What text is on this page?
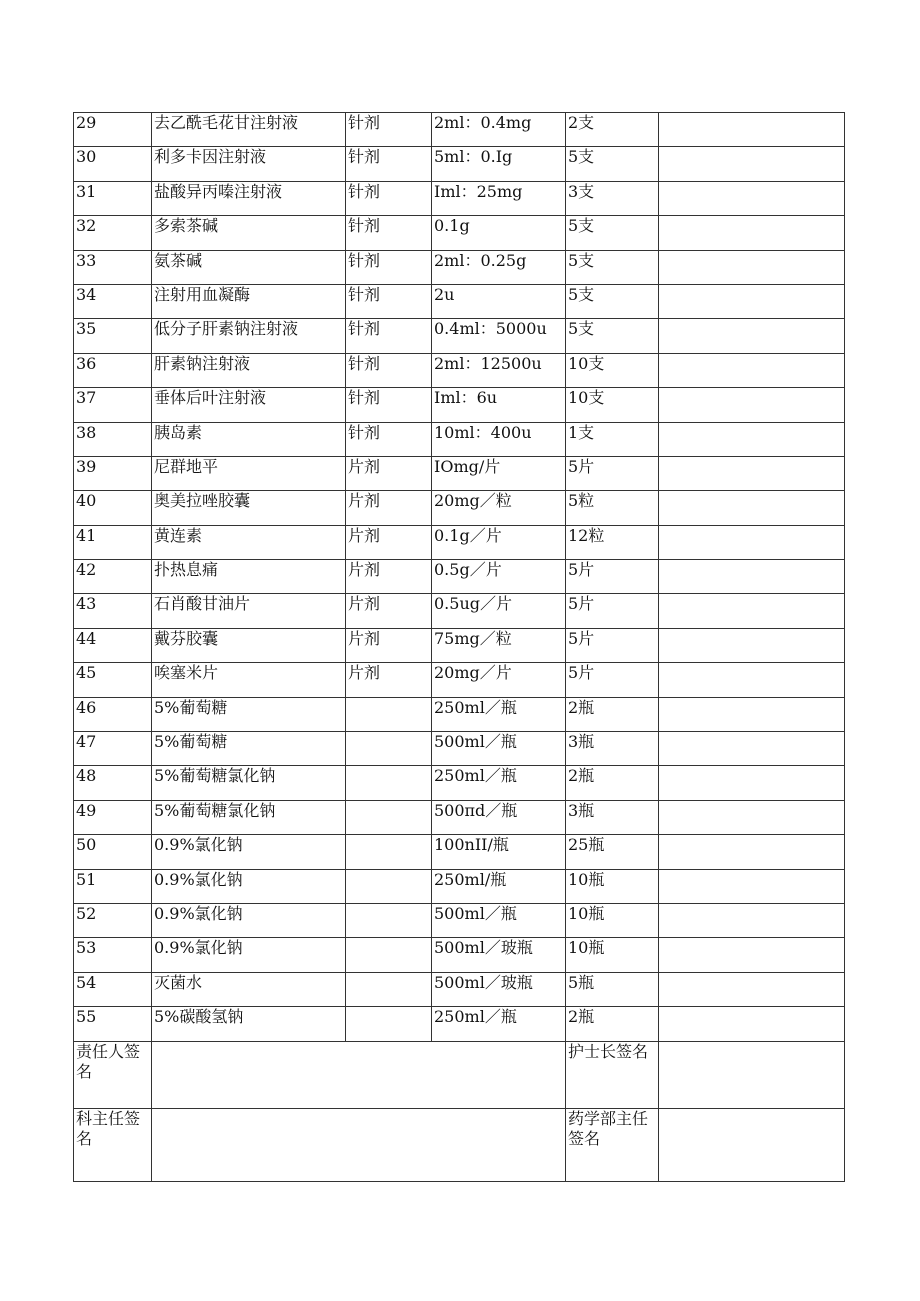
29	去乙酰毛花甘注射液	针剂	2ml：0.4mg	2支	
30	利多卡因注射液	针剂	5ml：0.Ig	5支	
31	盐酸异丙嗪注射液	针剂	Iml：25mg	3支	
32	多索茶碱	针剂	0.1g	5支	
33	氨茶碱	针剂	2ml：0.25g	5支	
34	注射用血凝酶	针剂	2u	5支	
35	低分子肝素钠注射液	针剂	0.4ml：5000u	5支	
36	肝素钠注射液	针剂	2ml：12500u	10支	
37	垂体后叶注射液	针剂	Iml：6u	10支	
38	胰岛素	针剂	10ml：400u	1支	
39	尼群地平	片剂	IOmg/片	5片	
40	奥美拉唑胶囊	片剂	20mg／粒	5粒	
41	黄连素	片剂	0.1g／片	12粒	
42	扑热息痛	片剂	0.5g／片	5片	
43	石肖酸甘油片	片剂	0.5ug／片	5片	
44	戴芬胶囊	片剂	75mg／粒	5片	
45	唉塞米片	片剂	20mg／片	5片	
46	5%葡萄糖		250ml／瓶	2瓶	
47	5%葡萄糖		500ml／瓶	3瓶	
48	5%葡萄糖氯化钠		250ml／瓶	2瓶	
49	5%葡萄糖氯化钠		500πd／瓶	3瓶	
50	0.9%氯化钠		100nII/瓶	25瓶	
51	0.9%氯化钠		250ml/瓶	10瓶	
52	0.9%氯化钠		500ml／瓶	10瓶	
53	0.9%氯化钠		500ml／玻瓶	10瓶	
54	灭菌水		500ml／玻瓶	5瓶	
55	5%碳酸氢钠		250ml／瓶	2瓶	
责任人签名				护士长签名	
科主任签名				药学部主任签名	
